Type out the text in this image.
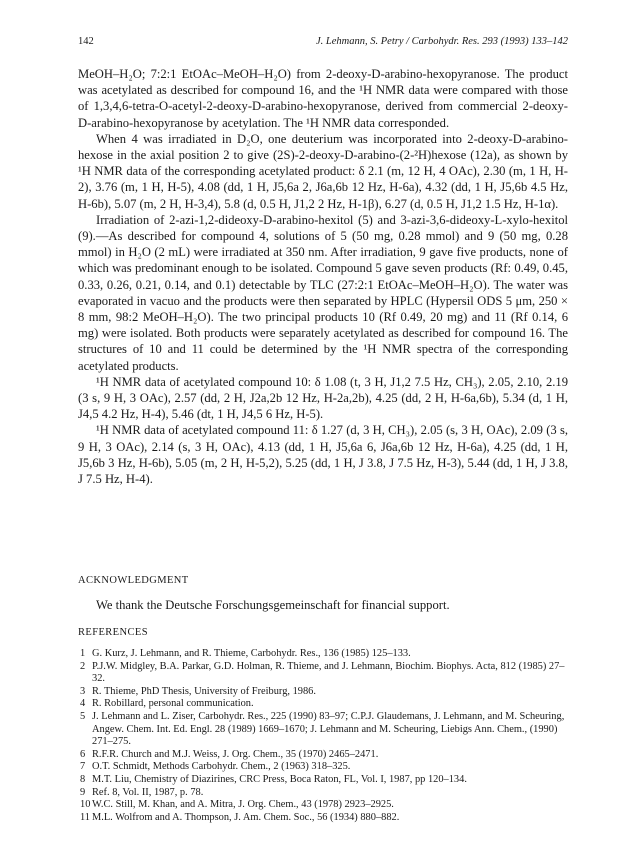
142	J. Lehmann, S. Petry / Carbohydr. Res. 293 (1993) 133–142

MeOH–H₂O; 7:2:1 EtOAc–MeOH–H₂O) from 2-deoxy-D-arabino-hexopyranose. The product was acetylated as described for compound 16, and the ¹H NMR data were compared with those of 1,3,4,6-tetra-O-acetyl-2-deoxy-D-arabino-hexopyranose, derived from commercial 2-deoxy-D-arabino-hexopyranose by acetylation. The ¹H NMR data corresponded.

When 4 was irradiated in D₂O, one deuterium was incorporated into 2-deoxy-D-arabino-hexose in the axial position 2 to give (2S)-2-deoxy-D-arabino-(2-²H)hexose (12a), as shown by ¹H NMR data of the corresponding acetylated product: δ 2.1 (m, 12 H, 4 OAc), 2.30 (m, 1 H, H-2), 3.76 (m, 1 H, H-5), 4.08 (dd, 1 H, J5,6a 2, J6a,6b 12 Hz, H-6a), 4.32 (dd, 1 H, J5,6b 4.5 Hz, H-6b), 5.07 (m, 2 H, H-3,4), 5.8 (d, 0.5 H, J1,2 2 Hz, H-1β), 6.27 (d, 0.5 H, J1,2 1.5 Hz, H-1α).

Irradiation of 2-azi-1,2-dideoxy-D-arabino-hexitol (5) and 3-azi-3,6-dideoxy-L-xylo-hexitol (9).—As described for compound 4, solutions of 5 (50 mg, 0.28 mmol) and 9 (50 mg, 0.28 mmol) in H₂O (2 mL) were irradiated at 350 nm. After irradiation, 9 gave five products, none of which was predominant enough to be isolated. Compound 5 gave seven products (Rf: 0.49, 0.45, 0.33, 0.26, 0.21, 0.14, and 0.1) detectable by TLC (27:2:1 EtOAc–MeOH–H₂O). The water was evaporated in vacuo and the products were then separated by HPLC (Hypersil ODS 5 μm, 250 × 8 mm, 98:2 MeOH–H₂O). The two principal products 10 (Rf 0.49, 20 mg) and 11 (Rf 0.14, 6 mg) were isolated. Both products were separately acetylated as described for compound 16. The structures of 10 and 11 could be determined by the ¹H NMR spectra of the corresponding acetylated products.

¹H NMR data of acetylated compound 10: δ 1.08 (t, 3 H, J1,2 7.5 Hz, CH₃), 2.05, 2.10, 2.19 (3 s, 9 H, 3 OAc), 2.57 (dd, 2 H, J2a,2b 12 Hz, H-2a,2b), 4.25 (dd, 2 H, H-6a,6b), 5.34 (d, 1 H, J4,5 4.2 Hz, H-4), 5.46 (dt, 1 H, J4,5 6 Hz, H-5).

¹H NMR data of acetylated compound 11: δ 1.27 (d, 3 H, CH₃), 2.05 (s, 3 H, OAc), 2.09 (3 s, 9 H, 3 OAc), 2.14 (s, 3 H, OAc), 4.13 (dd, 1 H, J5,6a 6, J6a,6b 12 Hz, H-6a), 4.25 (dd, 1 H, J5,6b 3 Hz, H-6b), 5.05 (m, 2 H, H-5,2), 5.25 (dd, 1 H, J 3.8, J 7.5 Hz, H-3), 5.44 (dd, 1 H, J 3.8, J 7.5 Hz, H-4).

ACKNOWLEDGMENT
We thank the Deutsche Forschungsgemeinschaft for financial support.
REFERENCES
1 G. Kurz, J. Lehmann, and R. Thieme, Carbohydr. Res., 136 (1985) 125–133.
2 P.J.W. Midgley, B.A. Parkar, G.D. Holman, R. Thieme, and J. Lehmann, Biochim. Biophys. Acta, 812 (1985) 27–32.
3 R. Thieme, PhD Thesis, University of Freiburg, 1986.
4 R. Robillard, personal communication.
5 J. Lehmann and L. Ziser, Carbohydr. Res., 225 (1990) 83–97; C.P.J. Glaudemans, J. Lehmann, and M. Scheuring, Angew. Chem. Int. Ed. Engl. 28 (1989) 1669–1670; J. Lehmann and M. Scheuring, Liebigs Ann. Chem., (1990) 271–275.
6 R.F.R. Church and M.J. Weiss, J. Org. Chem., 35 (1970) 2465–2471.
7 O.T. Schmidt, Methods Carbohydr. Chem., 2 (1963) 318–325.
8 M.T. Liu, Chemistry of Diazirines, CRC Press, Boca Raton, FL, Vol. I, 1987, pp 120–134.
9 Ref. 8, Vol. II, 1987, p. 78.
10 W.C. Still, M. Khan, and A. Mitra, J. Org. Chem., 43 (1978) 2923–2925.
11 M.L. Wolfrom and A. Thompson, J. Am. Chem. Soc., 56 (1934) 880–882.
